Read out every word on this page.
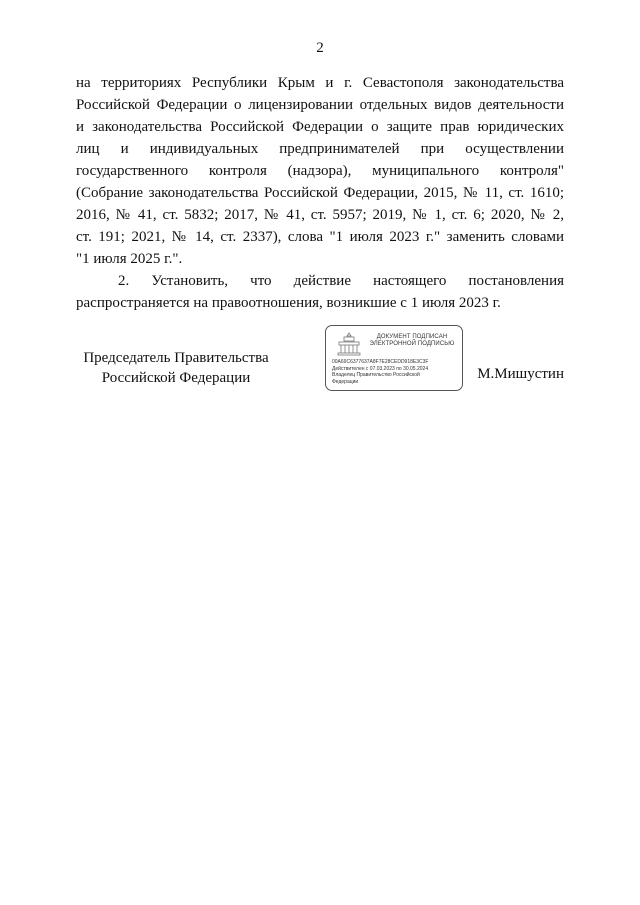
2
на территориях Республики Крым и г. Севастополя законодательства
Российской Федерации о лицензировании отдельных видов деятельности
и законодательства Российской Федерации о защите прав юридических
лиц и индивидуальных предпринимателей при осуществлении
государственного контроля (надзора), муниципального контроля"
(Собрание законодательства Российской Федерации, 2015, № 11, ст. 1610;
2016, № 41, ст. 5832; 2017, № 41, ст. 5957; 2019, № 1, ст. 6; 2020, № 2,
ст. 191; 2021, № 14, ст. 2337), слова "1 июля 2023 г." заменить словами
"1 июля 2025 г.".
2. Установить, что действие настоящего постановления
распространяется на правоотношения, возникшие с 1 июля 2023 г.
Председатель Правительства
Российской Федерации
ДОКУМЕНТ ПОДПИСАН
ЭЛЕКТРОННОЙ ПОДПИСЬЮ
00A69C6377637A8F7E28CEDD918E3C3F
Действителен с 07.03.2023 по 30.05.2024
Владелец Правительство Российской
Федерации	М.Мишустин
